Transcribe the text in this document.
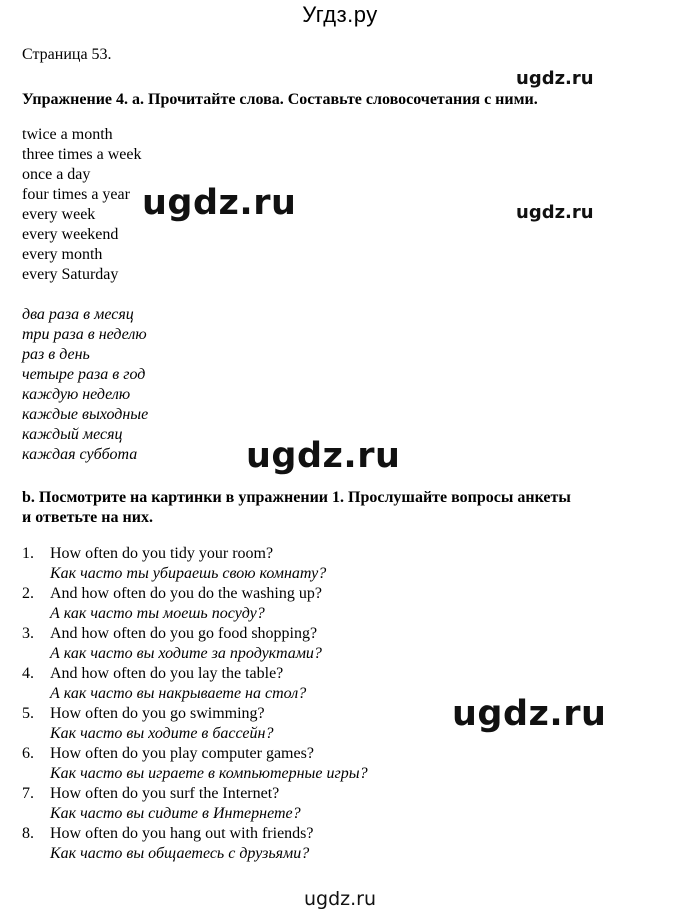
Угдз.ру
Страница 53.
ugdz.ru
Упражнение 4. а. Прочитайте слова. Составьте словосочетания с ними.
twice a month
three times a week
once a day
four times a year
every week
every weekend
every month
every Saturday
ugdz.ru	ugdz.ru
два раза в месяц
три раза в неделю
раз в день
четыре раза в год
каждую неделю
каждые выходные
каждый месяц
каждая суббота	ugdz.ru
b. Посмотрите на картинки в упражнении 1. Прослушайте вопросы анкеты
и ответьте на них.
1. How often do you tidy your room?
Как часто ты убираешь свою комнату?
2. And how often do you do the washing up?
А как часто ты моешь посуду?
3. And how often do you go food shopping?
А как часто вы ходите за продуктами?
4. And how often do you lay the table?
А как часто вы накрываете на стол?
5. How often do you go swimming?
Как часто вы ходите в бассейн?
6. How often do you play computer games?
Как часто вы играете в компьютерные игры?
7. How often do you surf the Internet?
Как часто вы сидите в Интернете?
8. How often do you hang out with friends?
Как часто вы общаетесь с друзьями?
ugdz.ru
ugdz.ru
